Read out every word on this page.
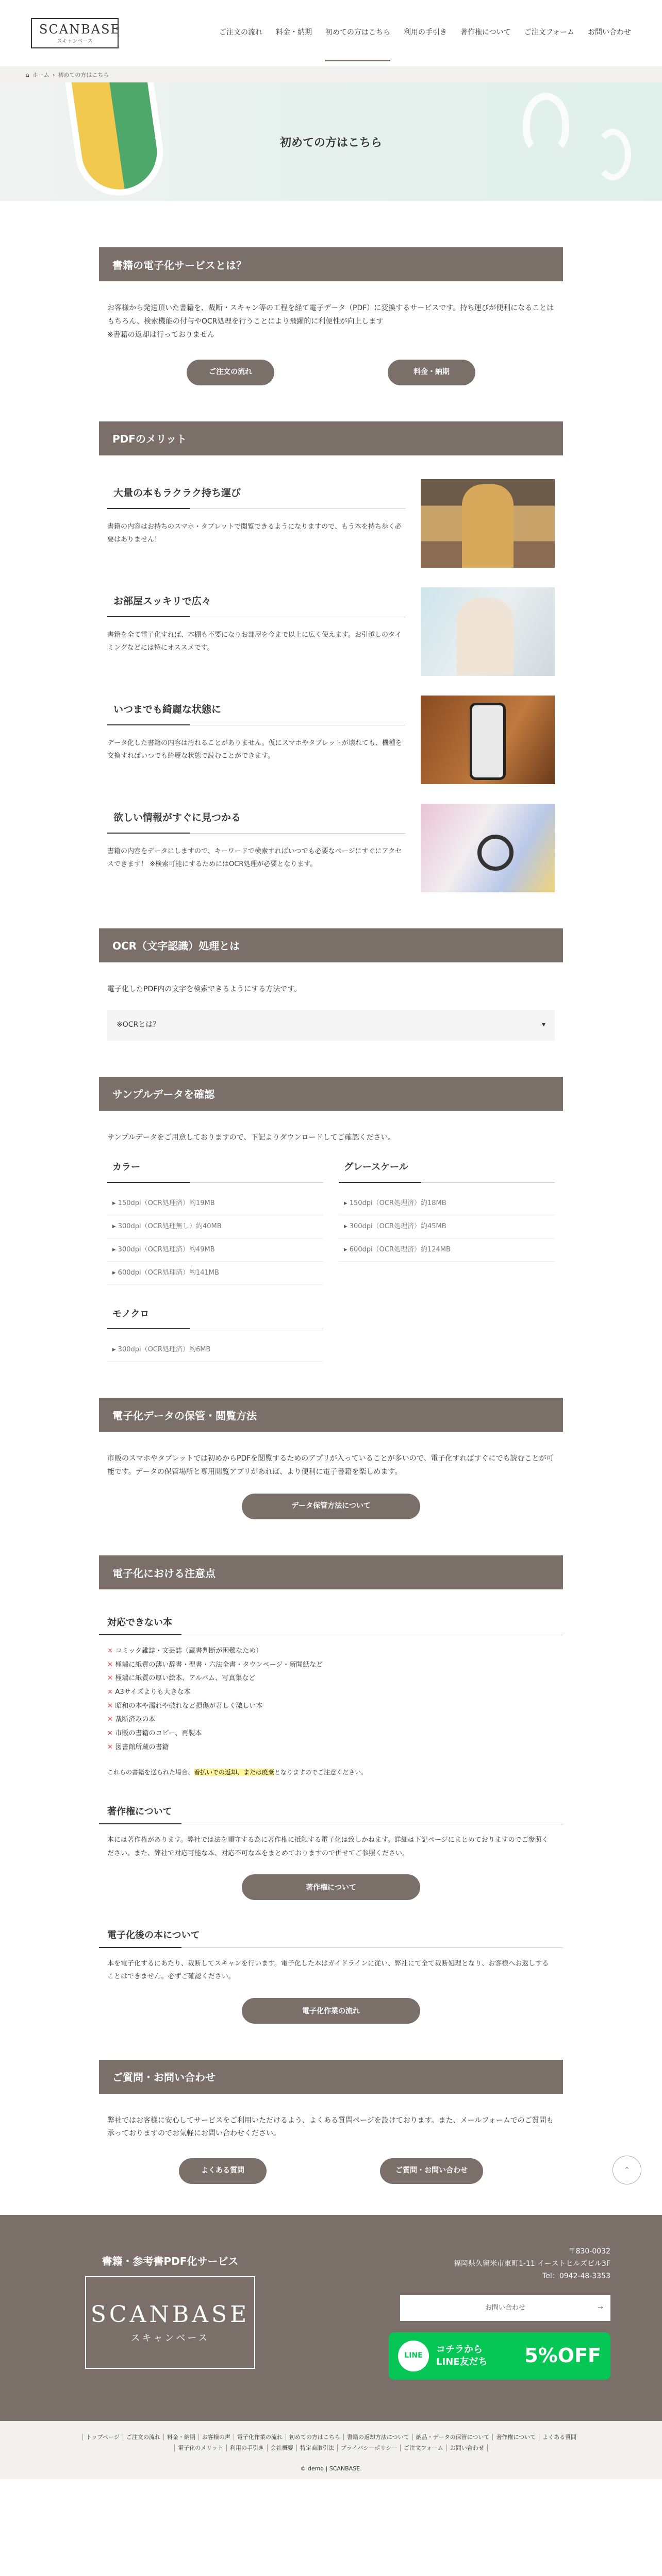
SCANBASE
スキャンベース
ご注文の流れ 料金・納期 初めての方はこちら 利用の手引き 著作権について ご注文フォーム お問い合わせ
⌂ ホーム › 初めての方はこちら
初めての方はこちら
書籍の電子化サービスとは？

お客様から発送頂いた書籍を、裁断・スキャン等の工程を経て電子データ（PDF）に変換するサービスです。持ち運びが便利になることはもちろん、検索機能の付与やOCR処理を行うことにより飛躍的に利便性が向上します

※書籍の返却は行っておりません

ご注文の流れ	料金・納期
PDFのメリット
大量の本もラクラク持ち運び

書籍の内容はお持ちのスマホ・タブレットで閲覧できるようになりますので、もう本を持ち歩く必要はありません！

お部屋スッキリで広々

書籍を全て電子化すれば、本棚も不要になりお部屋を今まで以上に広く使えます。お引越しのタイミングなどには特にオススメです。

いつまでも綺麗な状態に

データ化した書籍の内容は汚れることがありません。仮にスマホやタブレットが壊れても、機種を交換すればいつでも綺麗な状態で読むことができます。

欲しい情報がすぐに見つかる

書籍の内容をデータにしますので、キーワードで検索すればいつでも必要なページにすぐにアクセスできます！ ※検索可能にするためにはOCR処理が必要となります。

OCR（文字認識）処理とは

電子化したPDF内の文字を検索できるようにする方法です。

※OCRとは？	▾
サンプルデータを確認

サンプルデータをご用意しておりますので、下記よりダウンロードしてご確認ください。

カラー
▸ 150dpi（OCR処理済）約19MB
▸ 300dpi（OCR処理無し）約40MB
▸ 300dpi（OCR処理済）約49MB
▸ 600dpi（OCR処理済）約141MB
モノクロ
▸ 300dpi（OCR処理済）約6MB
グレースケール
▸ 150dpi（OCR処理済）約18MB
▸ 300dpi（OCR処理済）約45MB
▸ 600dpi（OCR処理済）約124MB
電子化データの保管・閲覧方法

市販のスマホやタブレットでは初めからPDFを閲覧するためのアプリが入っていることが多いので、電子化すればすぐにでも読むことが可能です。データの保管場所と専用閲覧アプリがあれば、より便利に電子書籍を楽しめます。

データ保管方法について
電子化における注意点
対応できない本
✕ コミック雑誌・文芸誌（蔵書判断が困難なため）
✕ 極端に紙質の薄い辞書・聖書・六法全書・タウンページ・新聞紙など
✕ 極端に紙質の厚い絵本、アルバム、写真集など
✕ A3サイズよりも大きな本
✕ 昭和の本や濡れや破れなど損傷が著しく激しい本
✕ 裁断済みの本
✕ 市販の書籍のコピー、再製本
✕ 図書館所蔵の書籍

これらの書籍を送られた場合、着払いでの返却、または廃棄となりますのでご注意ください。

著作権について

本には著作権があります。弊社では法を順守する為に著作権に抵触する電子化は致しかねます。詳細は下記ページにまとめておりますのでご参照ください。また、弊社で対応可能な本、対応不可な本をまとめておりますので併せてご参照ください。

著作権について
電子化後の本について

本を電子化するにあたり、裁断してスキャンを行います。電子化した本はガイドラインに従い、弊社にて全て裁断処理となり、お客様へお返しすることはできません。必ずご確認ください。

電子化作業の流れ
ご質問・お問い合わせ

弊社ではお客様に安心してサービスをご利用いただけるよう、よくある質問ページを設けております。また、メールフォームでのご質問も承っておりますのでお気軽にお問い合わせください。

よくある質問	ご質問・お問い合わせ	⌃
書籍・参考書PDF化サービス
SCANBASE
スキャンベース
〒830-0032
福岡県久留米市東町1-11 イーストヒルズビル3F
Tel：0942-48-3353
お問い合わせ	→
LINE
コチラから
LINE友だち 5%OFF
トップページ ご注文の流れ 料金・納期 お客様の声 電子化作業の流れ 初めての方はこちら 書籍の返却方法について 納品・データの保管について 著作権について よくある質問
電子化のメリット 利用の手引き 会社概要 特定商取引法 プライバシーポリシー ご注文フォーム お問い合わせ
© demo | SCANBASE.
